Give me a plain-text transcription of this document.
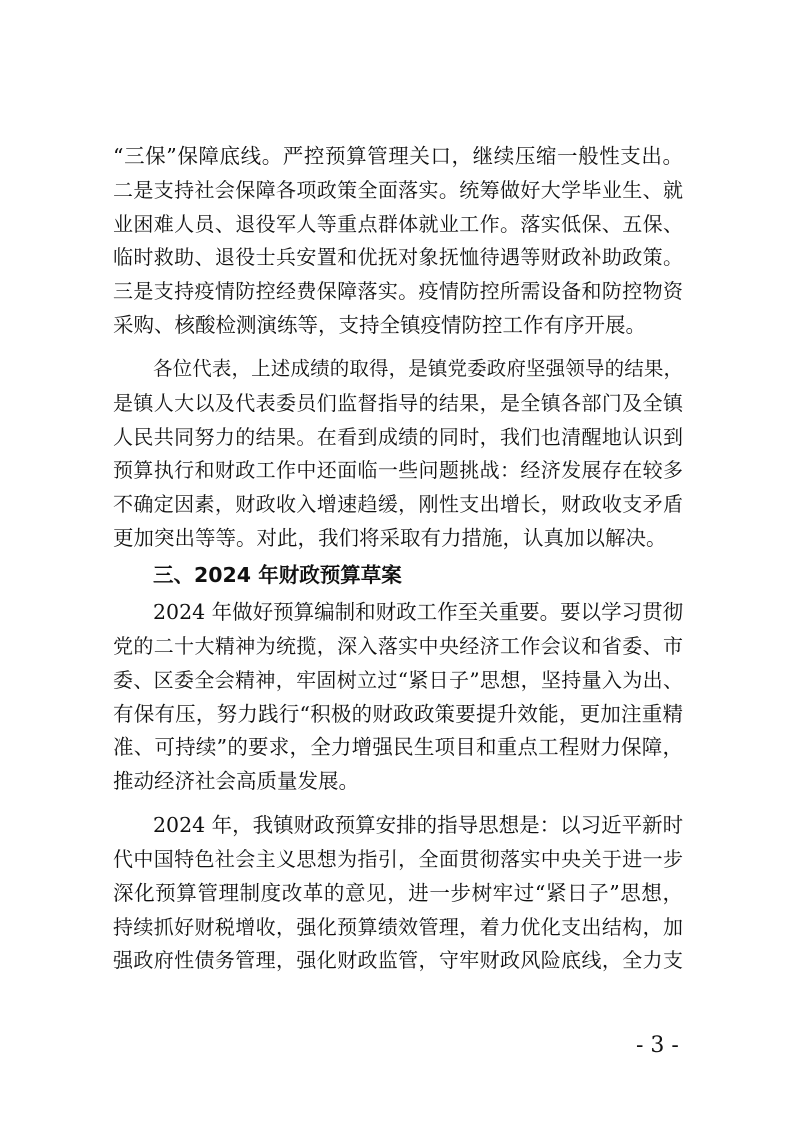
“三保”保障底线。严控预算管理关口，继续压缩一般性支出。
二是支持社会保障各项政策全面落实。统筹做好大学毕业生、就
业困难人员、退役军人等重点群体就业工作。落实低保、五保、
临时救助、退役士兵安置和优抚对象抚恤待遇等财政补助政策。
三是支持疫情防控经费保障落实。疫情防控所需设备和防控物资
采购、核酸检测演练等，支持全镇疫情防控工作有序开展。
各位代表，上述成绩的取得，是镇党委政府坚强领导的结果，
是镇人大以及代表委员们监督指导的结果，是全镇各部门及全镇
人民共同努力的结果。在看到成绩的同时，我们也清醒地认识到
预算执行和财政工作中还面临一些问题挑战：经济发展存在较多
不确定因素，财政收入增速趋缓，刚性支出增长，财政收支矛盾
更加突出等等。对此，我们将采取有力措施，认真加以解决。
三、2024 年财政预算草案
2024 年做好预算编制和财政工作至关重要。要以学习贯彻
党的二十大精神为统揽，深入落实中央经济工作会议和省委、市
委、区委全会精神，牢固树立过“紧日子”思想，坚持量入为出、
有保有压，努力践行“积极的财政政策要提升效能，更加注重精
准、可持续”的要求，全力增强民生项目和重点工程财力保障，
推动经济社会高质量发展。
2024 年，我镇财政预算安排的指导思想是：以习近平新时
代中国特色社会主义思想为指引，全面贯彻落实中央关于进一步
深化预算管理制度改革的意见，进一步树牢过“紧日子”思想，
持续抓好财税增收，强化预算绩效管理，着力优化支出结构，加
强政府性债务管理，强化财政监管，守牢财政风险底线，全力支
- 3 -
